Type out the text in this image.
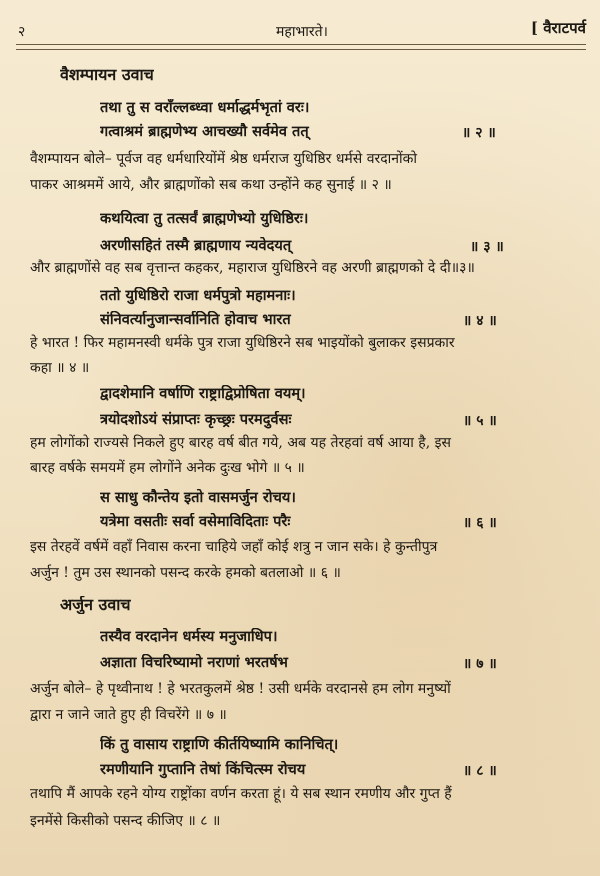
२	महाभारते।	[ वैराटपर्व
वैशम्पायन उवाच
तथा तु स वराँल्लब्ध्वा धर्माद्धर्मभृतां वरः।
गत्वाश्रमं ब्राह्मणेभ्य आचख्यौ सर्वमेव तत्	॥ २ ॥
वैशम्पायन बोले– पूर्वज वह धर्मधारियोंमें श्रेष्ठ धर्मराज युधिष्ठिर धर्मसे वरदानोंको
पाकर आश्रममें आये, और ब्राह्मणोंको सब कथा उन्होंने कह सुनाई ॥ २ ॥
कथयित्वा तु तत्सर्वं ब्राह्मणेभ्यो युधिष्ठिरः।
अरणीसहितं तस्मै ब्राह्मणाय न्यवेदयत्	॥ ३ ॥
और ब्राह्मणोंसे वह सब वृत्तान्त कहकर, महाराज युधिष्ठिरने वह अरणी ब्राह्मणको दे दी॥३॥
ततो युधिष्ठिरो राजा धर्मपुत्रो महामनाः।
संनिवर्त्यानुजान्सर्वानिति होवाच भारत	॥ ४ ॥
हे भारत ! फिर महामनस्वी धर्मके पुत्र राजा युधिष्ठिरने सब भाइयोंको बुलाकर इसप्रकार
कहा ॥ ४ ॥
द्वादशेमानि वर्षाणि राष्ट्राद्विप्रोषिता वयम्।
त्रयोदशोऽयं संप्राप्तः कृच्छ्रः परमदुर्वसः	॥ ५ ॥
हम लोगोंको राज्यसे निकले हुए बारह वर्ष बीत गये, अब यह तेरहवां वर्ष आया है, इस
बारह वर्षके समयमें हम लोगोंने अनेक दुःख भोगे ॥ ५ ॥
स साधु कौन्तेय इतो वासमर्जुन रोचय।
यत्रेमा वसतीः सर्वा वसेमाविदिताः परैः	॥ ६ ॥
इस तेरहवें वर्षमें वहाँ निवास करना चाहिये जहाँ कोई शत्रु न जान सके। हे कुन्तीपुत्र
अर्जुन ! तुम उस स्थानको पसन्द करके हमको बतलाओ ॥ ६ ॥
अर्जुन उवाच
तस्यैव वरदानेन धर्मस्य मनुजाधिप।
अज्ञाता विचरिष्यामो नराणां भरतर्षभ	॥ ७ ॥
अर्जुन बोले– हे पृथ्वीनाथ ! हे भरतकुलमें श्रेष्ठ ! उसी धर्मके वरदानसे हम लोग मनुष्यों
द्वारा न जाने जाते हुए ही विचरेंगे ॥ ७ ॥
किं तु वासाय राष्ट्राणि कीर्तयिष्यामि कानिचित्।
रमणीयानि गुप्तानि तेषां किंचित्स्म रोचय	॥ ८ ॥
तथापि मैं आपके रहने योग्य राष्ट्रोंका वर्णन करता हूं। ये सब स्थान रमणीय और गुप्त हैं
इनमेंसे किसीको पसन्द कीजिए ॥ ८ ॥
